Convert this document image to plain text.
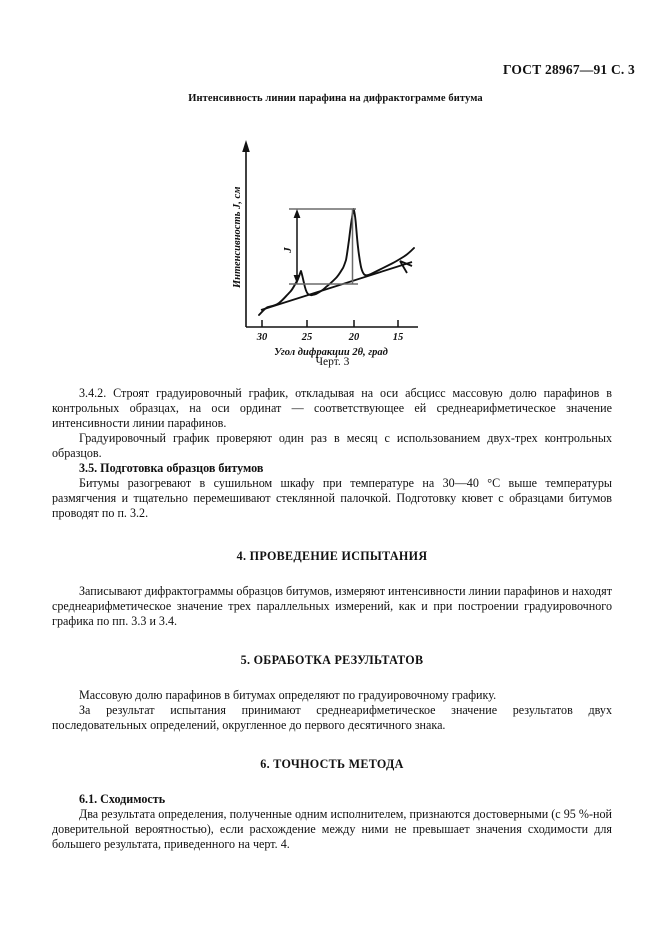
ГОСТ 28967—91 С. 3
Интенсивность линии парафина на дифрактограмме битума
30	25	20	15
Угол дифракции 2θ, град
Интенсивность J, см	J
Черт. 3

3.4.2. Строят градуировочный график, откладывая на оси абсцисс массовую долю парафинов в контрольных образцах, на оси ординат — соответствующее ей среднеарифметическое значение интенсивности линии парафинов.

Градуировочный график проверяют один раз в месяц с использованием двух-трех контрольных образцов.

3.5. Подготовка образцов битумов

Битумы разогревают в сушильном шкафу при температуре на 30—40 °С выше температуры размягчения и тщательно перемешивают стеклянной палочкой. Подготовку кювет с образцами битумов проводят по п. 3.2.

4. ПРОВЕДЕНИЕ ИСПЫТАНИЯ

Записывают дифрактограммы образцов битумов, измеряют интенсивности линии парафинов и находят среднеарифметическое значение трех параллельных измерений, как и при построении градуировочного графика по пп. 3.3 и 3.4.

5. ОБРАБОТКА РЕЗУЛЬТАТОВ

Массовую долю парафинов в битумах определяют по градуировочному графику.

За результат испытания принимают среднеарифметическое значение результатов двух последовательных определений, округленное до первого десятичного знака.

6. ТОЧНОСТЬ МЕТОДА
6.1. Сходимость

Два результата определения, полученные одним исполнителем, признаются достоверными (с 95 %-ной доверительной вероятностью), если расхождение между ними не превышает значения сходимости для большего результата, приведенного на черт. 4.
